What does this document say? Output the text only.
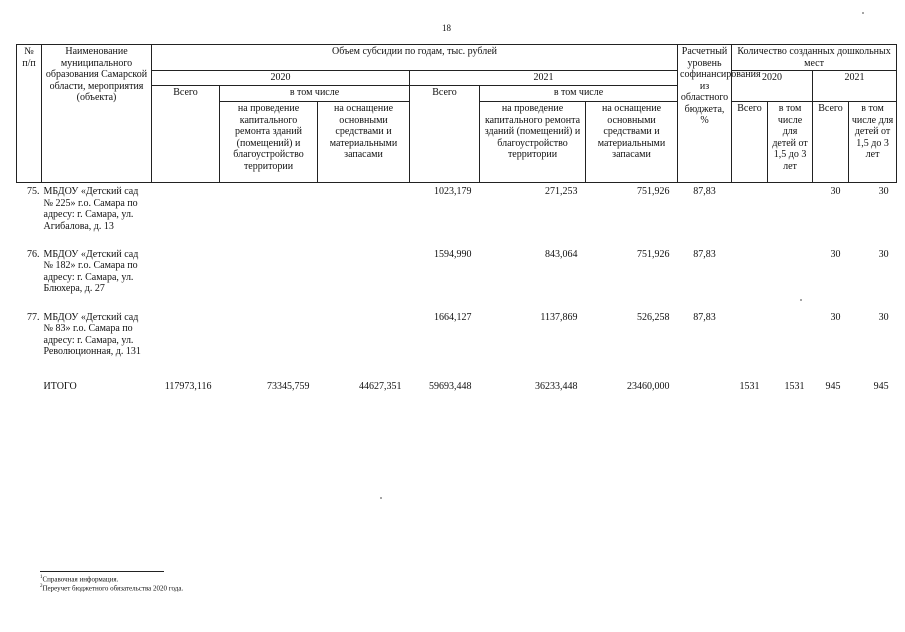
18
№ п/п	Наименование муниципального образования Самарской области, мероприятия (объекта)	Объем субсидии по годам, тыс. рублей						Расчетный уровень софинансирования из областного бюджета, %	Количество созданных дошкольных мест			
		2020			2021				2020		2021	
		Всего	в том числе		Всего	в том числе						
			на проведение капитального ремонта зданий (помещений) и благоустройство территории	на оснащение основными средствами и материальными запасами		на проведение капитального ремонта зданий (помещений) и благоустройство территории	на оснащение основными средствами и материальными запасами		Всего	в том числе для детей от 1,5 до 3 лет	Всего	в том числе для детей от 1,5 до 3 лет
75.	МБДОУ «Детский сад № 225» г.о. Самара по адресу: г. Самара, ул. Агибалова, д. 13				1023,179	271,253	751,926	87,83			30	30
76.	МБДОУ «Детский сад № 182» г.о. Самара по адресу: г. Самара, ул. Блюхера, д. 27				1594,990	843,064	751,926	87,83			30	30
77.	МБДОУ «Детский сад № 83» г.о. Самара по адресу: г. Самара, ул. Революционная, д. 131				1664,127	1137,869	526,258	87,83			30	30
	ИТОГО	117973,116	73345,759	44627,351	59693,448	36233,448	23460,000		1531	1531	945	945
$^1$Справочная информация.
$^2$Переучет бюджетного обязательства 2020 года.
